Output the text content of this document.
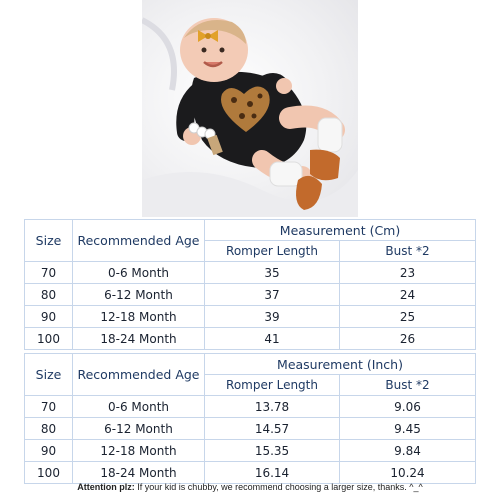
Size	Recommended Age	Measurement (Cm)	
		Romper Length	Bust *2
70	0-6 Month	35	23
80	6-12 Month	37	24
90	12-18 Month	39	25
100	18-24 Month	41	26
Size	Recommended Age	Measurement (Inch)	
		Romper Length	Bust *2
70	0-6 Month	13.78	9.06
80	6-12 Month	14.57	9.45
90	12-18 Month	15.35	9.84
100	18-24 Month	16.14	10.24
Attention plz: If your kid is chubby, we recommend choosing a larger size, thanks. ^_^
